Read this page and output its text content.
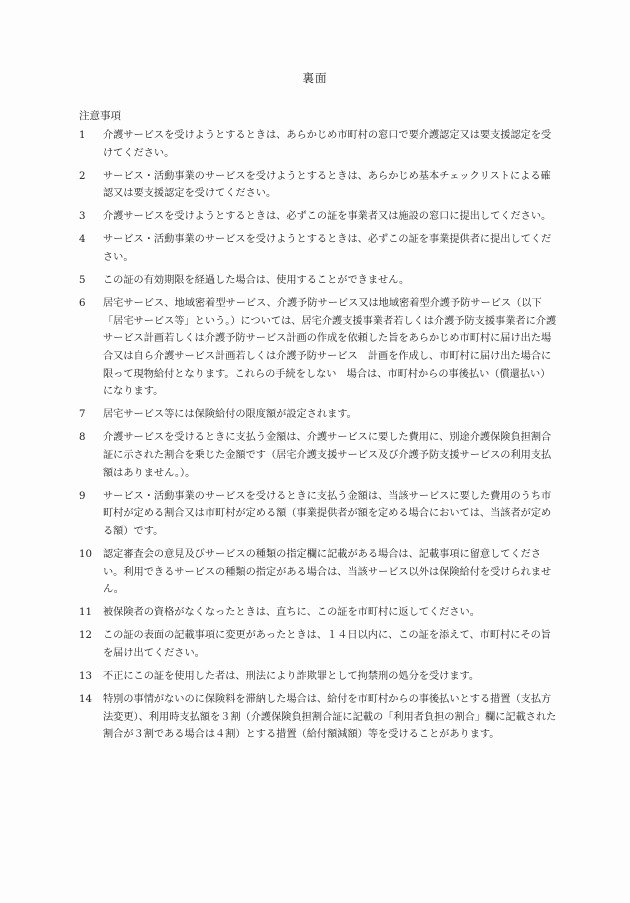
裏面
注意事項
1	介護サービスを受けようとするときは、あらかじめ市町村の窓口で要介護認定又は要支援認定を受けてください。
2	サービス・活動事業のサービスを受けようとするときは、あらかじめ基本チェックリストによる確認又は要支援認定を受けてください。
3	介護サービスを受けようとするときは、必ずこの証を事業者又は施設の窓口に提出してください。
4	サービス・活動事業のサービスを受けようとするときは、必ずこの証を事業提供者に提出してください。
5	この証の有効期限を経過した場合は、使用することができません。
6	居宅サービス、地域密着型サービス、介護予防サービス又は地域密着型介護予防サービス（以下「居宅サービス等」という。）については、居宅介護支援事業者若しくは介護予防支援事業者に介護サービス計画若しくは介護予防サービス計画の作成を依頼した旨をあらかじめ市町村に届け出た場合又は自ら介護サービス計画若しくは介護予防サービス　計画を作成し、市町村に届け出た場合に限って現物給付となります。これらの手続をしない　場合は、市町村からの事後払い（償還払い）になります。
7	居宅サービス等には保険給付の限度額が設定されます。
8	介護サービスを受けるときに支払う金額は、介護サービスに要した費用に、別途介護保険負担割合証に示された割合を乗じた金額です（居宅介護支援サービス及び介護予防支援サービスの利用支払額はありません。）。
9	サービス・活動事業のサービスを受けるときに支払う金額は、当該サービスに要した費用のうち市町村が定める割合又は市町村が定める額（事業提供者が額を定める場合においては、当該者が定める額）です。
10	認定審査会の意見及びサービスの種類の指定欄に記載がある場合は、記載事項に留意してください。利用できるサービスの種類の指定がある場合は、当該サービス以外は保険給付を受けられません。
11	被保険者の資格がなくなったときは、直ちに、この証を市町村に返してください。
12	この証の表面の記載事項に変更があったときは、１４日以内に、この証を添えて、市町村にその旨を届け出てください。
13	不正にこの証を使用した者は、刑法により詐欺罪として拘禁刑の処分を受けます。
14	特別の事情がないのに保険料を滞納した場合は、給付を市町村からの事後払いとする措置（支払方法変更）、利用時支払額を３割（介護保険負担割合証に記載の「利用者負担の割合」欄に記載された割合が３割である場合は４割）とする措置（給付額減額）等を受けることがあります。
